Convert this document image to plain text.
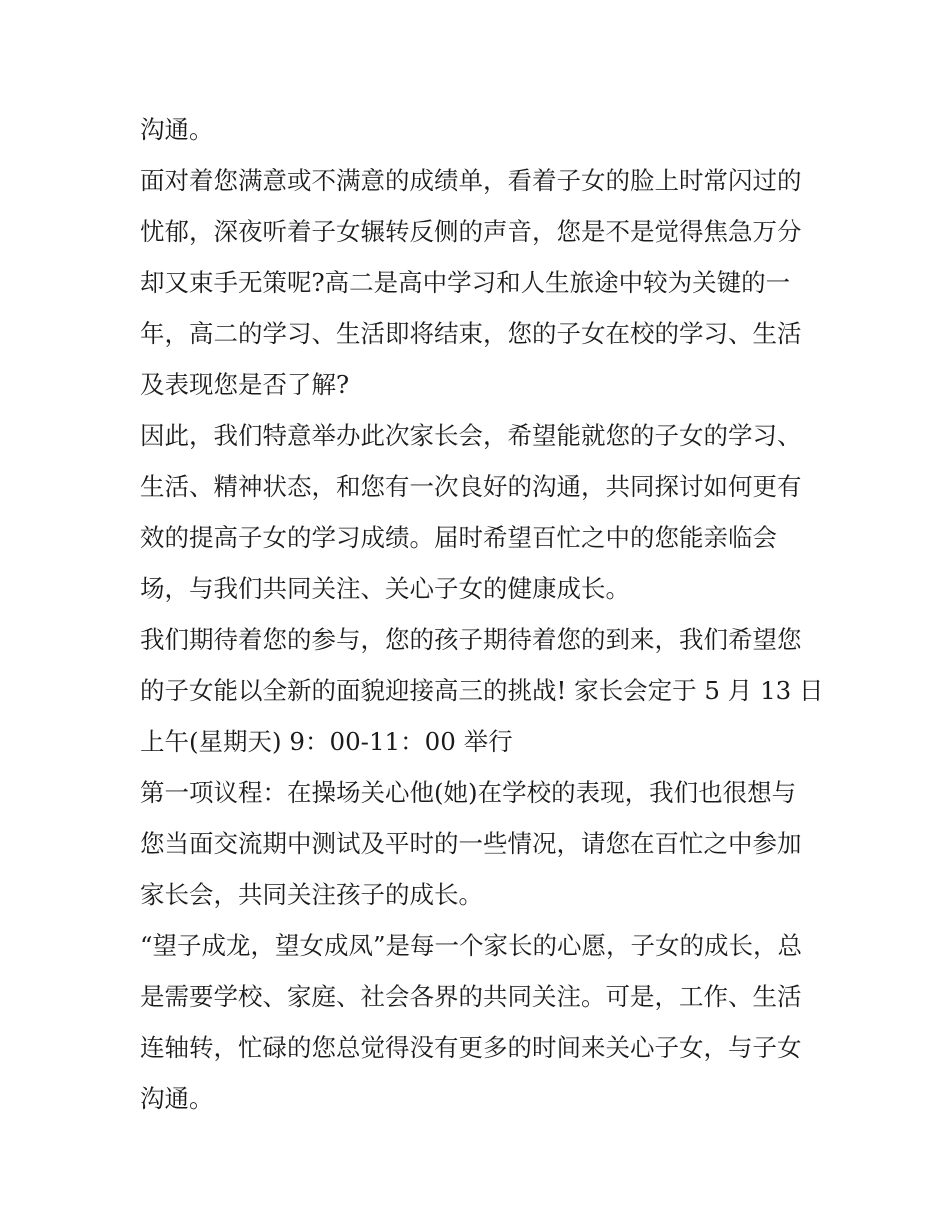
沟通。
面对着您满意或不满意的成绩单，看着子女的脸上时常闪过的
忧郁，深夜听着子女辗转反侧的声音，您是不是觉得焦急万分
却又束手无策呢?高二是高中学习和人生旅途中较为关键的一
年，高二的学习、生活即将结束，您的子女在校的学习、生活
及表现您是否了解?
因此，我们特意举办此次家长会，希望能就您的子女的学习、
生活、精神状态，和您有一次良好的沟通，共同探讨如何更有
效的提高子女的学习成绩。届时希望百忙之中的您能亲临会
场，与我们共同关注、关心子女的健康成长。
我们期待着您的参与，您的孩子期待着您的到来，我们希望您
的子女能以全新的面貌迎接高三的挑战! 家长会定于 5 月 13 日
上午(星期天) 9：00-11：00 举行
第一项议程：在操场关心他(她)在学校的表现，我们也很想与
您当面交流期中测试及平时的一些情况，请您在百忙之中参加
家长会，共同关注孩子的成长。
“望子成龙，望女成凤”是每一个家长的心愿，子女的成长，总
是需要学校、家庭、社会各界的共同关注。可是，工作、生活
连轴转，忙碌的您总觉得没有更多的时间来关心子女，与子女
沟通。
